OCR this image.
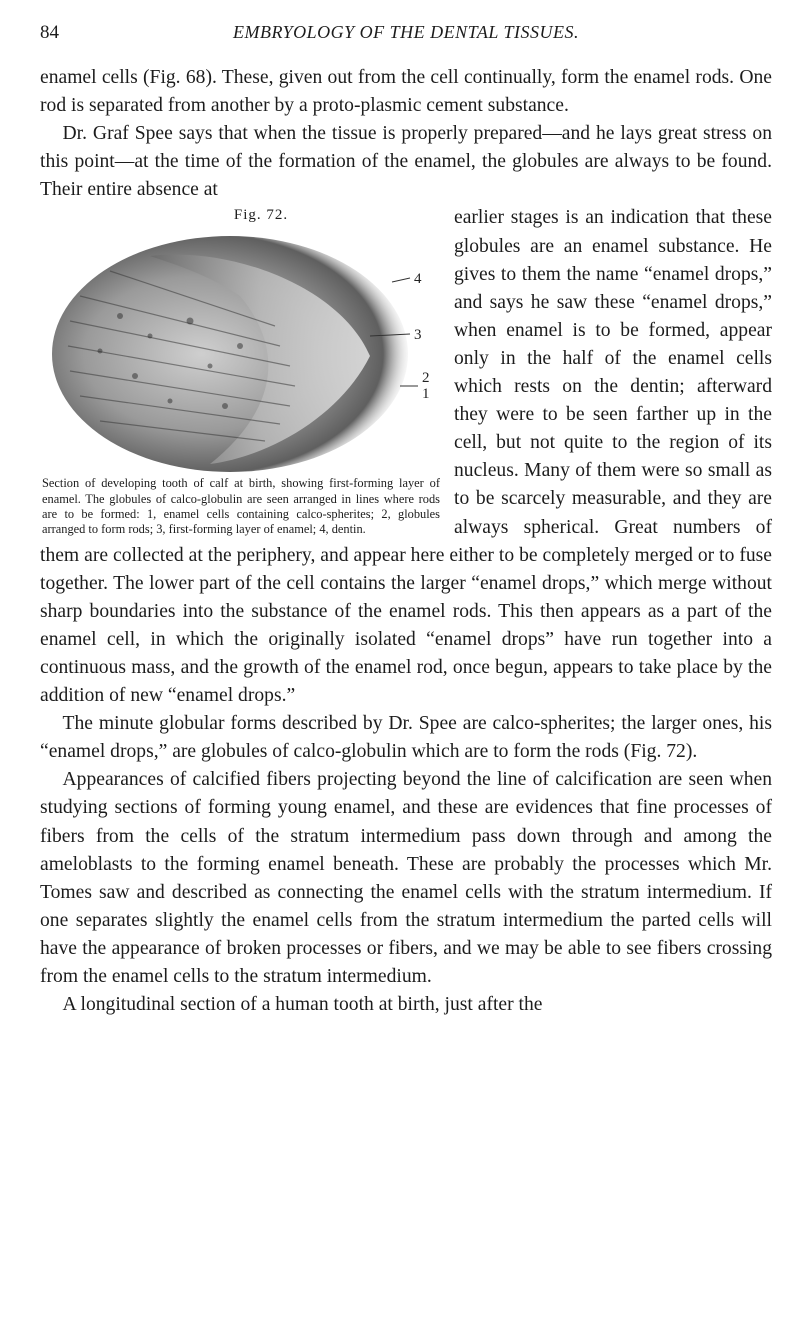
84	EMBRYOLOGY OF THE DENTAL TISSUES.

enamel cells (Fig. 68). These, given out from the cell continually, form the enamel rods. One rod is separated from another by a proto-plasmic cement substance.

Dr. Graf Spee says that when the tissue is properly prepared—and he lays great stress on this point—at the time of the formation of the enamel, the globules are always to be found. Their entire absence at

Fig. 72.
4
3
2
1
Section of developing tooth of calf at birth, showing first-forming layer of enamel. The globules of calco-globulin are seen arranged in lines where rods are to be formed: 1, enamel cells containing calco-spherites; 2, globules arranged to form rods; 3, first-forming layer of enamel; 4, dentin.

earlier stages is an indication that these globules are an enamel substance. He gives to them the name “enamel drops,” and says he saw these “enamel drops,” when enamel is to be formed, appear only in the half of the enamel cells which rests on the dentin; afterward they were to be seen farther up in the cell, but not quite to the region of its nucleus. Many of them were so small as to be scarcely measurable, and they are always spherical. Great numbers of them are collected at the periphery, and appear here either to be completely merged or to fuse together. The lower part of the cell contains the larger “enamel drops,” which merge without sharp boundaries into the substance of the enamel rods. This then appears as a part of the enamel cell, in which the originally isolated “enamel drops” have run together into a continuous mass, and the growth of the enamel rod, once begun, appears to take place by the addition of new “enamel drops.”

The minute globular forms described by Dr. Spee are calco-spherites; the larger ones, his “enamel drops,” are globules of calco-globulin which are to form the rods (Fig. 72).

Appearances of calcified fibers projecting beyond the line of calcification are seen when studying sections of forming young enamel, and these are evidences that fine processes of fibers from the cells of the stratum intermedium pass down through and among the ameloblasts to the forming enamel beneath. These are probably the processes which Mr. Tomes saw and described as connecting the enamel cells with the stratum intermedium. If one separates slightly the enamel cells from the stratum intermedium the parted cells will have the appearance of broken processes or fibers, and we may be able to see fibers crossing from the enamel cells to the stratum intermedium.

A longitudinal section of a human tooth at birth, just after the
